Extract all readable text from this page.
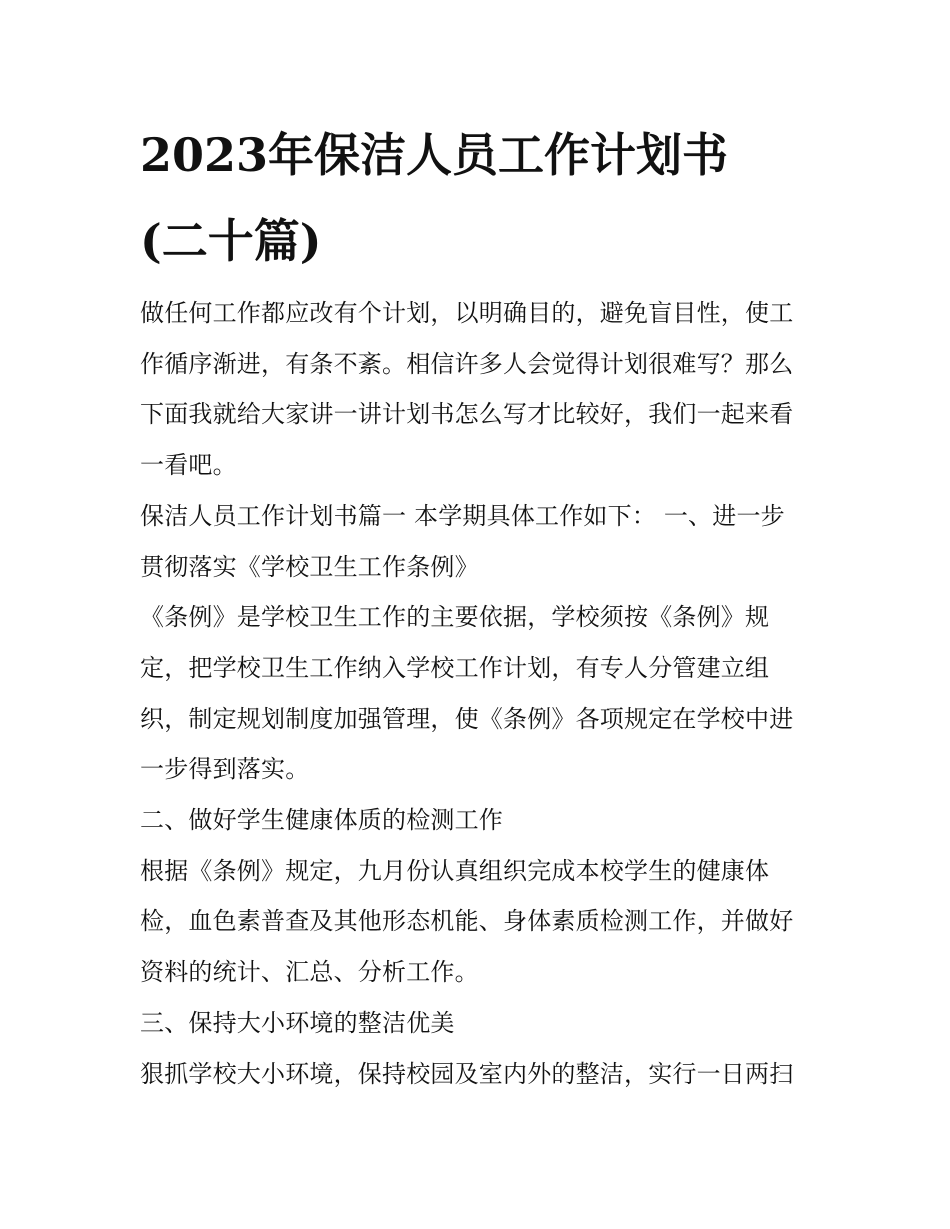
2023年保洁人员工作计划书
(二十篇)

做任何工作都应改有个计划，以明确目的，避免盲目性，使工
作循序渐进，有条不紊。相信许多人会觉得计划很难写？那么
下面我就给大家讲一讲计划书怎么写才比较好，我们一起来看
一看吧。

保洁人员工作计划书篇一 本学期具体工作如下： 一、进一步
贯彻落实《学校卫生工作条例》

《条例》是学校卫生工作的主要依据，学校须按《条例》规
定，把学校卫生工作纳入学校工作计划，有专人分管建立组
织，制定规划制度加强管理，使《条例》各项规定在学校中进
一步得到落实。

二、做好学生健康体质的检测工作

根据《条例》规定，九月份认真组织完成本校学生的健康体
检，血色素普查及其他形态机能、身体素质检测工作，并做好
资料的统计、汇总、分析工作。

三、保持大小环境的整洁优美

狠抓学校大小环境，保持校园及室内外的整洁，实行一日两扫
